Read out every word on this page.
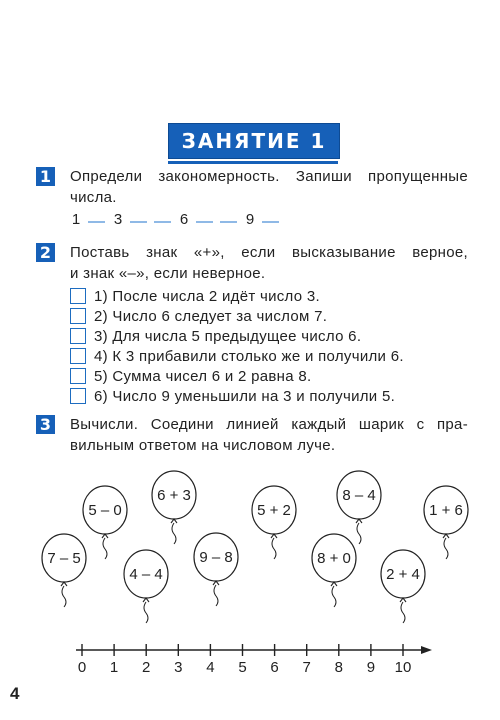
ЗАНЯТИЕ 1
1 Определи закономерность. Запиши пропущенные
числа.
1 3	6	9
2 Поставь знак «+», если высказывание верное,
и знак «–», если неверное.
1) После числа 2 идёт число 3.
2) Число 6 следует за числом 7.
3) Для числа 5 предыдущее число 6.
4) К 3 прибавили столько же и получили 6.
5) Сумма чисел 6 и 2 равна 8.
6) Число 9 уменьшили на 3 и получили 5.
3 Вычисли. Соедини линией каждый шарик с пра-
вильным ответом на числовом луче.
5 – 0
6 + 3
7 – 5
4 – 4
9 – 8
5 + 2
8 – 4
8 + 0
2 + 4
1 + 6
0 1 2 3 4 5 6 7 8 9 10
4
